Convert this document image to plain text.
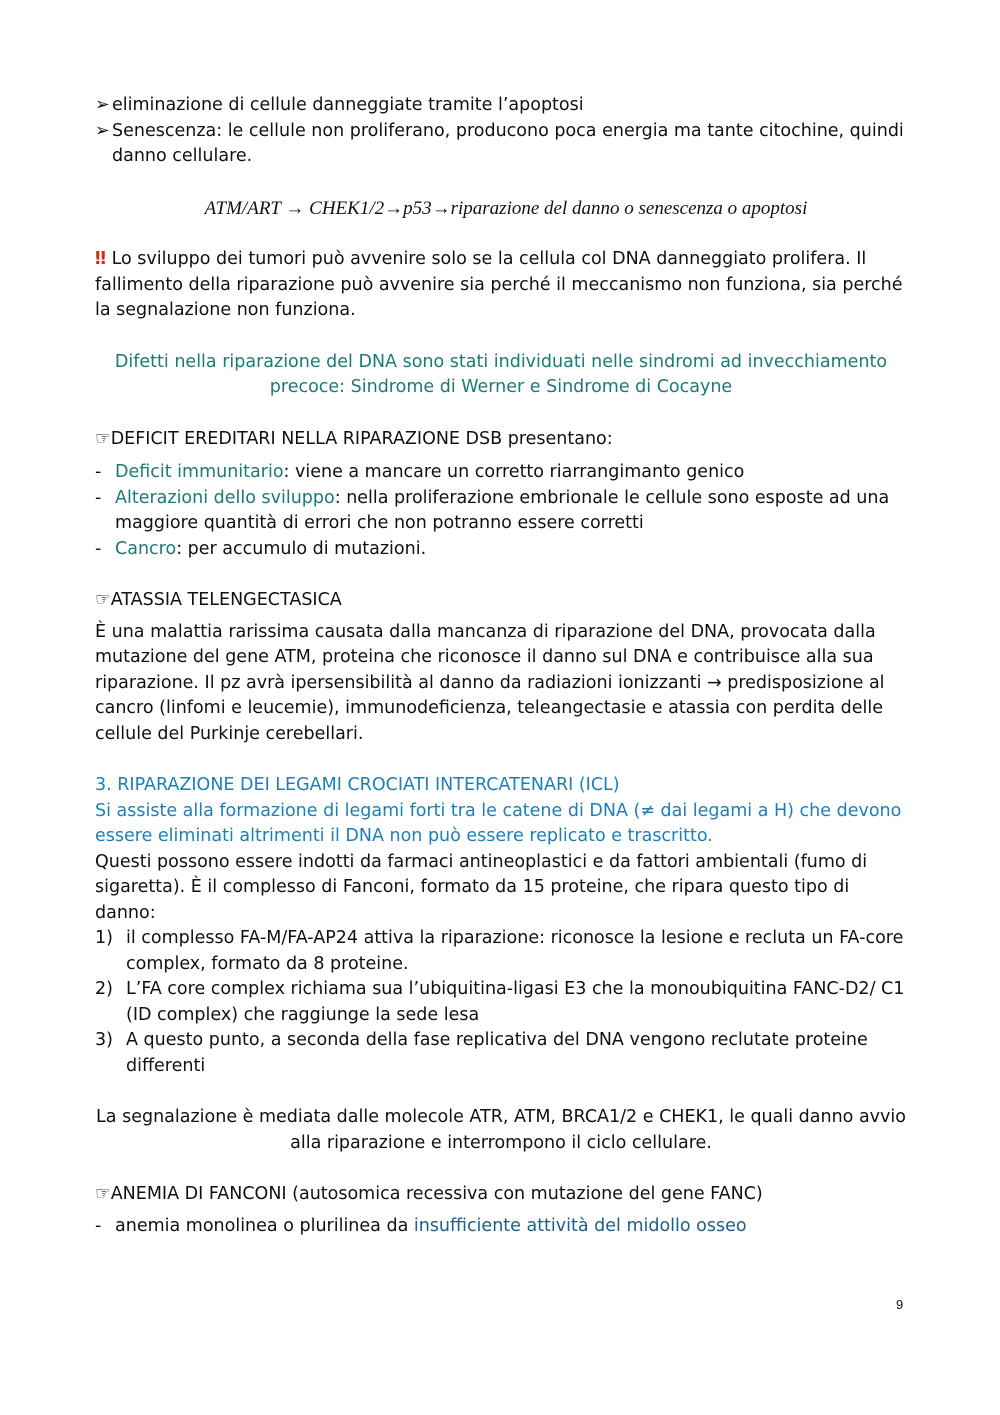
➢ eliminazione di cellule danneggiate tramite l’apoptosi
➢ Senescenza: le cellule non proliferano, producono poca energia ma tante citochine, quindi danno cellulare.

ATM/ART → CHEK1/2→p53→riparazione del danno o senescenza o apoptosi

‼ Lo sviluppo dei tumori può avvenire solo se la cellula col DNA danneggiato prolifera. Il fallimento della riparazione può avvenire sia perché il meccanismo non funziona, sia perché la segnalazione non funziona.

Difetti nella riparazione del DNA sono stati individuati nelle sindromi ad invecchiamento precoce: Sindrome di Werner e Sindrome di Cocayne

☞DEFICIT EREDITARI NELLA RIPARAZIONE DSB presentano:

- Deficit immunitario: viene a mancare un corretto riarrangimanto genico
- Alterazioni dello sviluppo: nella proliferazione embrionale le cellule sono esposte ad una maggiore quantità di errori che non potranno essere corretti
- Cancro: per accumulo di mutazioni.

☞ATASSIA TELENGECTASICA

È una malattia rarissima causata dalla mancanza di riparazione del DNA, provocata dalla mutazione del gene ATM, proteina che riconosce il danno sul DNA e contribuisce alla sua riparazione. Il pz avrà ipersensibilità al danno da radiazioni ionizzanti → predisposizione al cancro (linfomi e leucemie), immunodeficienza, teleangectasie e atassia con perdita delle cellule del Purkinje cerebellari.

3. RIPARAZIONE DEI LEGAMI CROCIATI INTERCATENARI (ICL)

Si assiste alla formazione di legami forti tra le catene di DNA (≠ dai legami a H) che devono essere eliminati altrimenti il DNA non può essere replicato e trascritto.

Questi possono essere indotti da farmaci antineoplastici e da fattori ambientali (fumo di sigaretta). È il complesso di Fanconi, formato da 15 proteine, che ripara questo tipo di danno:

1) il complesso FA-M/FA-AP24 attiva la riparazione: riconosce la lesione e recluta un FA-core complex, formato da 8 proteine.
2) L’FA core complex richiama sua l’ubiquitina-ligasi E3 che la monoubiquitina FANC-D2/ C1 (ID complex) che raggiunge la sede lesa
3) A questo punto, a seconda della fase replicativa del DNA vengono reclutate proteine differenti

La segnalazione è mediata dalle molecole ATR, ATM, BRCA1/2 e CHEK1, le quali danno avvio alla riparazione e interrompono il ciclo cellulare.

☞ANEMIA DI FANCONI (autosomica recessiva con mutazione del gene FANC)

- anemia monolinea o plurilinea da insufficiente attività del midollo osseo
9
